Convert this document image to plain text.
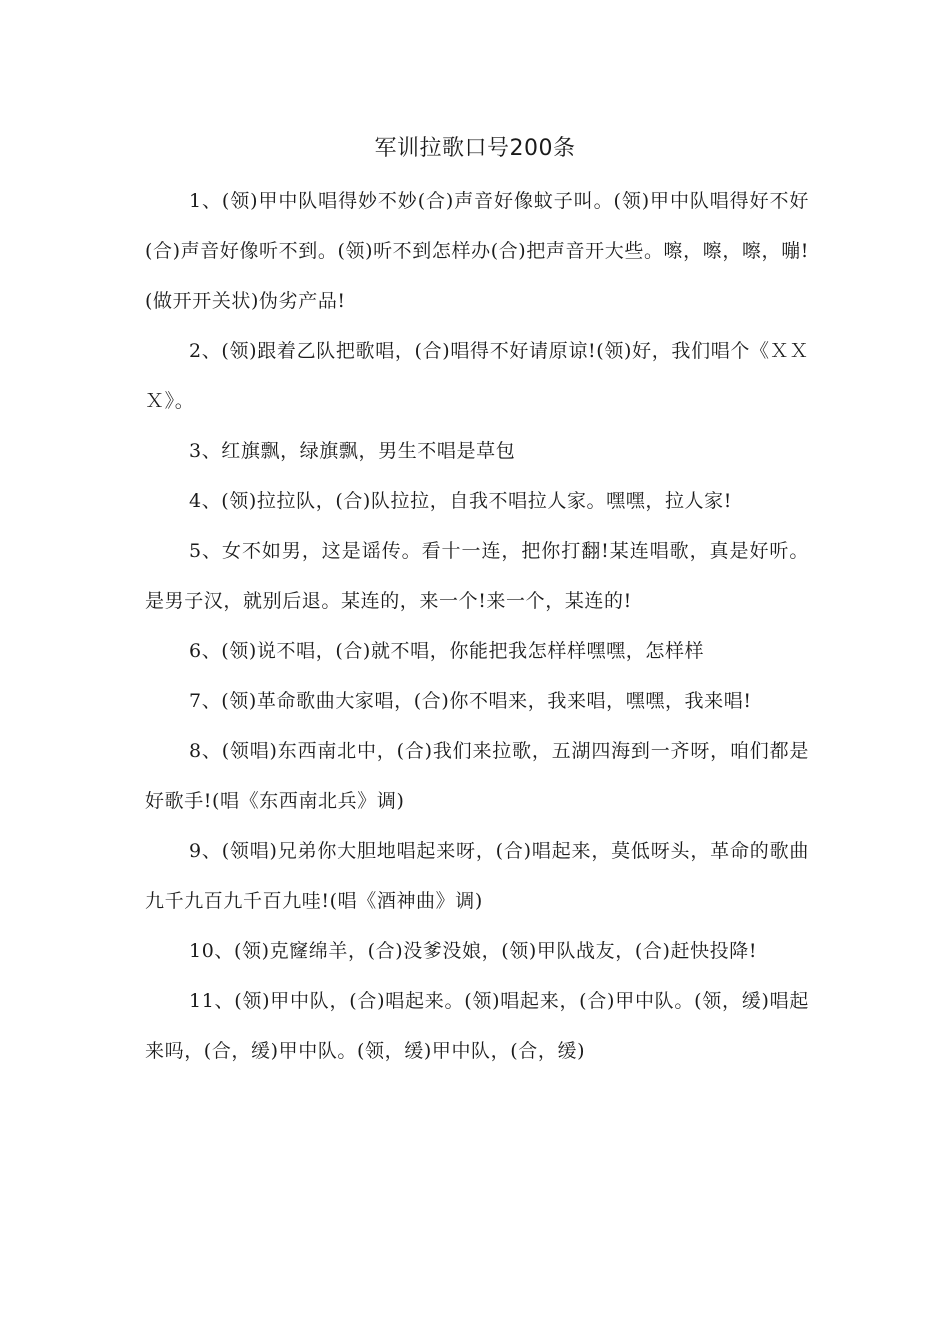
军训拉歌口号200条

1、(领)甲中队唱得妙不妙(合)声音好像蚊子叫。(领)甲中队唱得好不好(合)声音好像听不到。(领)听不到怎样办(合)把声音开大些。嚓，嚓，嚓，嘣!(做开开关状)伪劣产品!

2、(领)跟着乙队把歌唱，(合)唱得不好请原谅!(领)好，我们唱个《ＸＸＸ》。

3、红旗飘，绿旗飘，男生不唱是草包

4、(领)拉拉队，(合)队拉拉，自我不唱拉人家。嘿嘿，拉人家!

5、女不如男，这是谣传。看十一连，把你打翻!某连唱歌，真是好听。是男子汉，就别后退。某连的，来一个!来一个，某连的!

6、(领)说不唱，(合)就不唱，你能把我怎样样嘿嘿，怎样样

7、(领)革命歌曲大家唱，(合)你不唱来，我来唱，嘿嘿，我来唱!

8、(领唱)东西南北中，(合)我们来拉歌，五湖四海到一齐呀，咱们都是好歌手!(唱《东西南北兵》调)

9、(领唱)兄弟你大胆地唱起来呀，(合)唱起来，莫低呀头，革命的歌曲九千九百九千百九哇!(唱《酒神曲》调)

10、(领)克窿绵羊，(合)没爹没娘，(领)甲队战友，(合)赶快投降!

11、(领)甲中队，(合)唱起来。(领)唱起来，(合)甲中队。(领，缓)唱起来吗，(合，缓)甲中队。(领，缓)甲中队，(合，缓)
